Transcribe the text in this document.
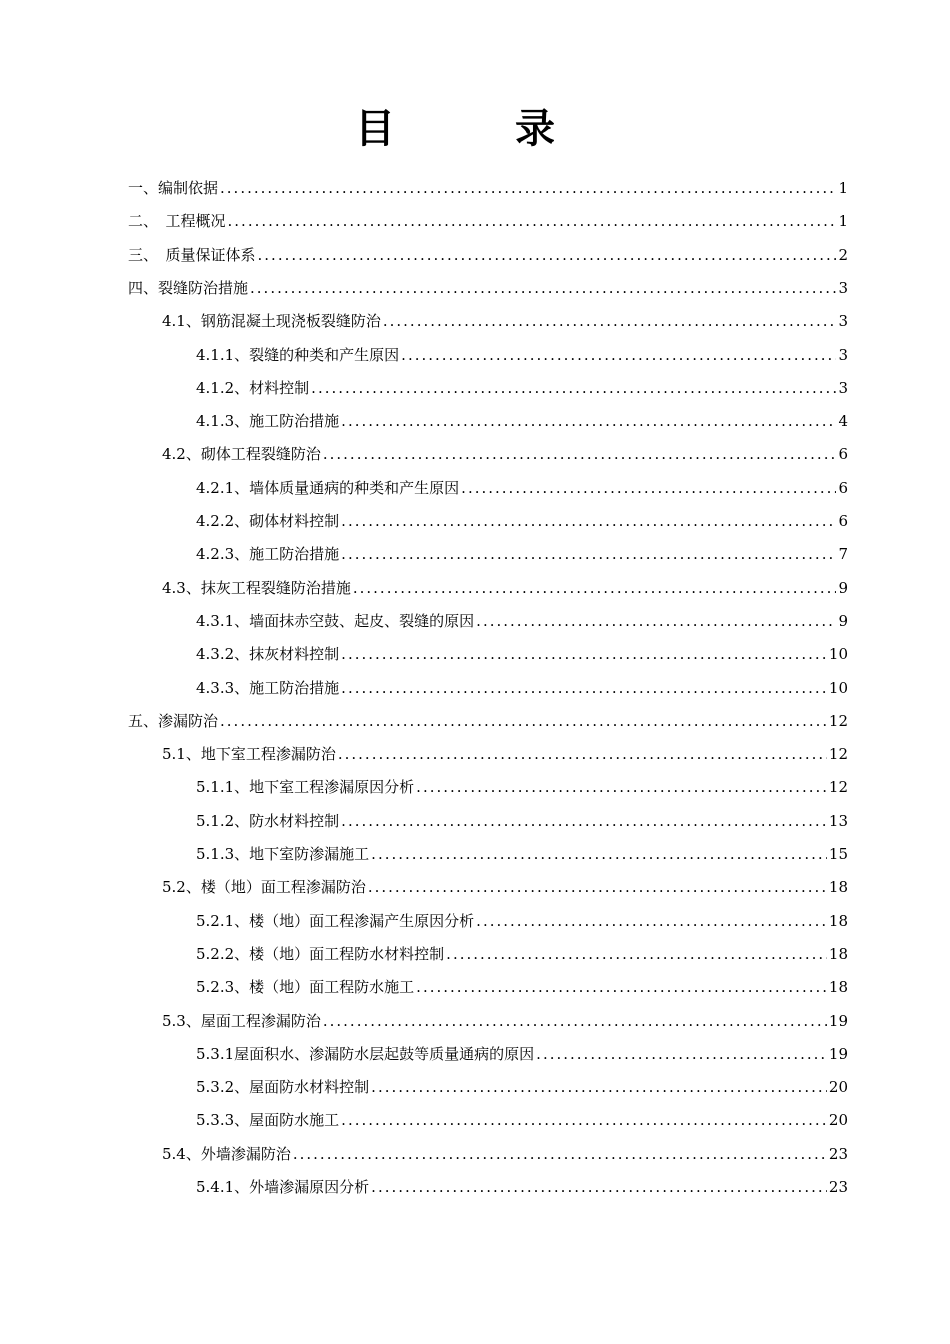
目　录
一、编制依据 .....	1
二、　工程概况 .....	1
三、　质量保证体系 .....	2
四、裂缝防治措施 .....	3
4.1、钢筋混凝土现浇板裂缝防治 .....	3
4.1.1、裂缝的种类和产生原因 .....	3
4.1.2、材料控制 .....	3
4.1.3、施工防治措施 .....	4
4.2、砌体工程裂缝防治 .....	6
4.2.1、墙体质量通病的种类和产生原因 .....	6
4.2.2、砌体材料控制 .....	6
4.2.3、施工防治措施 .....	7
4.3、抹灰工程裂缝防治措施 .....	9
4.3.1、墙面抹赤空鼓、起皮、裂缝的原因 .....	9
4.3.2、抹灰材料控制 .....	10
4.3.3、施工防治措施 .....	10
五、渗漏防治 .....	12
5.1、地下室工程渗漏防治 .....	12
5.1.1、地下室工程渗漏原因分析 .....	12
5.1.2、防水材料控制 .....	13
5.1.3、地下室防渗漏施工 .....	15
5.2、楼（地）面工程渗漏防治 .....	18
5.2.1、楼（地）面工程渗漏产生原因分析 .....	18
5.2.2、楼（地）面工程防水材料控制 .....	18
5.2.3、楼（地）面工程防水施工 .....	18
5.3、屋面工程渗漏防治 .....	19
5.3.1屋面积水、渗漏防水层起鼓等质量通病的原因 .....	19
5.3.2、屋面防水材料控制 .....	20
5.3.3、屋面防水施工 .....	20
5.4、外墙渗漏防治 .....	23
5.4.1、外墙渗漏原因分析 .....	23
